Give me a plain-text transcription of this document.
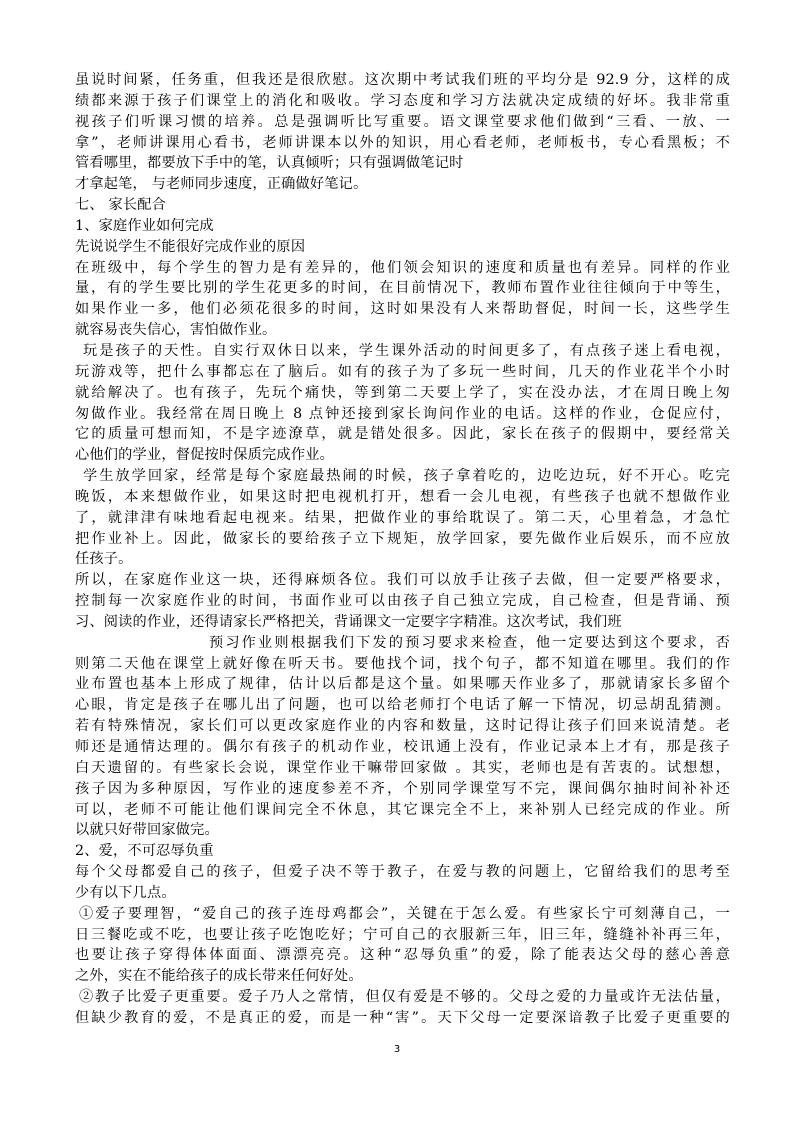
虽说时间紧，任务重，但我还是很欣慰。这次期中考试我们班的平均分是 92.9 分，这样的成
绩都来源于孩子们课堂上的消化和吸收。学习态度和学习方法就决定成绩的好坏。我非常重
视孩子们听课习惯的培养。总是强调听比写重要。语文课堂要求他们做到“三看、一放、一
拿”，老师讲课用心看书，老师讲课本以外的知识，用心看老师，老师板书，专心看黑板；不
管看哪里，都要放下手中的笔，认真倾听；只有强调做笔记时
才拿起笔， 与老师同步速度，正确做好笔记。
七、 家长配合
1、家庭作业如何完成
先说说学生不能很好完成作业的原因
在班级中，每个学生的智力是有差异的，他们领会知识的速度和质量也有差异。同样的作业
量，有的学生要比别的学生花更多的时间，在目前情况下，教师布置作业往往倾向于中等生，
如果作业一多，他们必须花很多的时间，这时如果没有人来帮助督促，时间一长，这些学生
就容易丧失信心，害怕做作业。
玩是孩子的天性。自实行双休日以来，学生课外活动的时间更多了，有点孩子迷上看电视，
玩游戏等，把什么事都忘在了脑后。如有的孩子为了多玩一些时间，几天的作业花半个小时
就给解决了。也有孩子，先玩个痛快，等到第二天要上学了，实在没办法，才在周日晚上匆
匆做作业。我经常在周日晚上 8 点钟还接到家长询问作业的电话。这样的作业，仓促应付，
它的质量可想而知，不是字迹潦草，就是错处很多。因此，家长在孩子的假期中，要经常关
心他们的学业，督促按时保质完成作业。
学生放学回家，经常是每个家庭最热闹的时候，孩子拿着吃的，边吃边玩，好不开心。吃完
晚饭，本来想做作业，如果这时把电视机打开，想看一会儿电视，有些孩子也就不想做作业
了，就津津有味地看起电视来。结果，把做作业的事给耽误了。第二天，心里着急，才急忙
把作业补上。因此，做家长的要给孩子立下规矩，放学回家，要先做作业后娱乐，而不应放
任孩子。
所以，在家庭作业这一块，还得麻烦各位。我们可以放手让孩子去做，但一定要严格要求，
控制每一次家庭作业的时间，书面作业可以由孩子自己独立完成，自己检查，但是背诵、预
习、阅读的作业，还得请家长严格把关，背诵课文一定要字字精准。这次考试，我们班
预习作业则根据我们下发的预习要求来检查，他一定要达到这个要求，否
则第二天他在课堂上就好像在听天书。要他找个词，找个句子，都不知道在哪里。我们的作
业布置也基本上形成了规律，估计以后都是这个量。如果哪天作业多了，那就请家长多留个
心眼，肯定是孩子在哪儿出了问题，也可以给老师打个电话了解一下情况，切忌胡乱猜测。
若有特殊情况，家长们可以更改家庭作业的内容和数量，这时记得让孩子们回来说清楚。老
师还是通情达理的。偶尔有孩子的机动作业，校讯通上没有，作业记录本上才有，那是孩子
白天遗留的。有些家长会说，课堂作业干嘛带回家做 。其实，老师也是有苦衷的。试想想，
孩子因为多种原因，写作业的速度参差不齐，个别同学课堂写不完，课间偶尔抽时间补补还
可以，老师不可能让他们课间完全不休息，其它课完全不上，来补别人已经完成的作业。所
以就只好带回家做完。
2、爱，不可忍辱负重
每个父母都爱自己的孩子，但爱子决不等于教子，在爱与教的问题上，它留给我们的思考至
少有以下几点。
①爱子要理智，“爱自己的孩子连母鸡都会”，关键在于怎么爱。有些家长宁可刻薄自己，一
日三餐吃或不吃，也要让孩子吃饱吃好；宁可自己的衣服新三年，旧三年，缝缝补补再三年，
也要让孩子穿得体体面面、漂漂亮亮。这种“忍辱负重”的爱，除了能表达父母的慈心善意
之外，实在不能给孩子的成长带来任何好处。
②教子比爱子更重要。爱子乃人之常情，但仅有爱是不够的。父母之爱的力量或许无法估量，
但缺少教育的爱，不是真正的爱，而是一种“害”。天下父母一定要深谙教子比爱子更重要的
3
